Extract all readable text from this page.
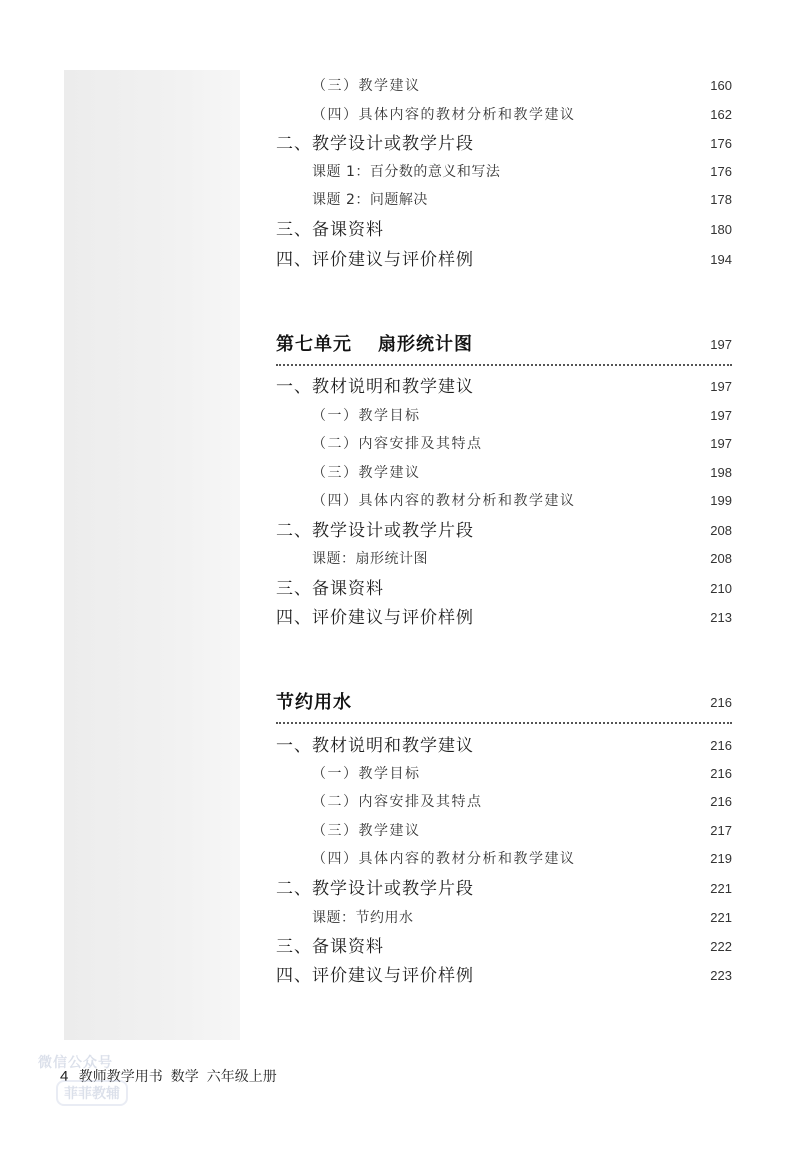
（三）教学建议	160
（四）具体内容的教材分析和教学建议	162
二、教学设计或教学片段	176
课题 1：百分数的意义和写法	176
课题 2：问题解决	178
三、备课资料	180
四、评价建议与评价样例	194
第七单元 扇形统计图	197
一、教材说明和教学建议	197
（一）教学目标	197
（二）内容安排及其特点	197
（三）教学建议	198
（四）具体内容的教材分析和教学建议	199
二、教学设计或教学片段	208
课题：扇形统计图	208
三、备课资料	210
四、评价建议与评价样例	213
节约用水	216
一、教材说明和教学建议	216
（一）教学目标	216
（二）内容安排及其特点	216
（三）教学建议	217
（四）具体内容的教材分析和教学建议	219
二、教学设计或教学片段	221
课题：节约用水	221
三、备课资料	222
四、评价建议与评价样例	223
4 教师教学用书 数学 六年级上册
微信公众号
菲菲教辅
